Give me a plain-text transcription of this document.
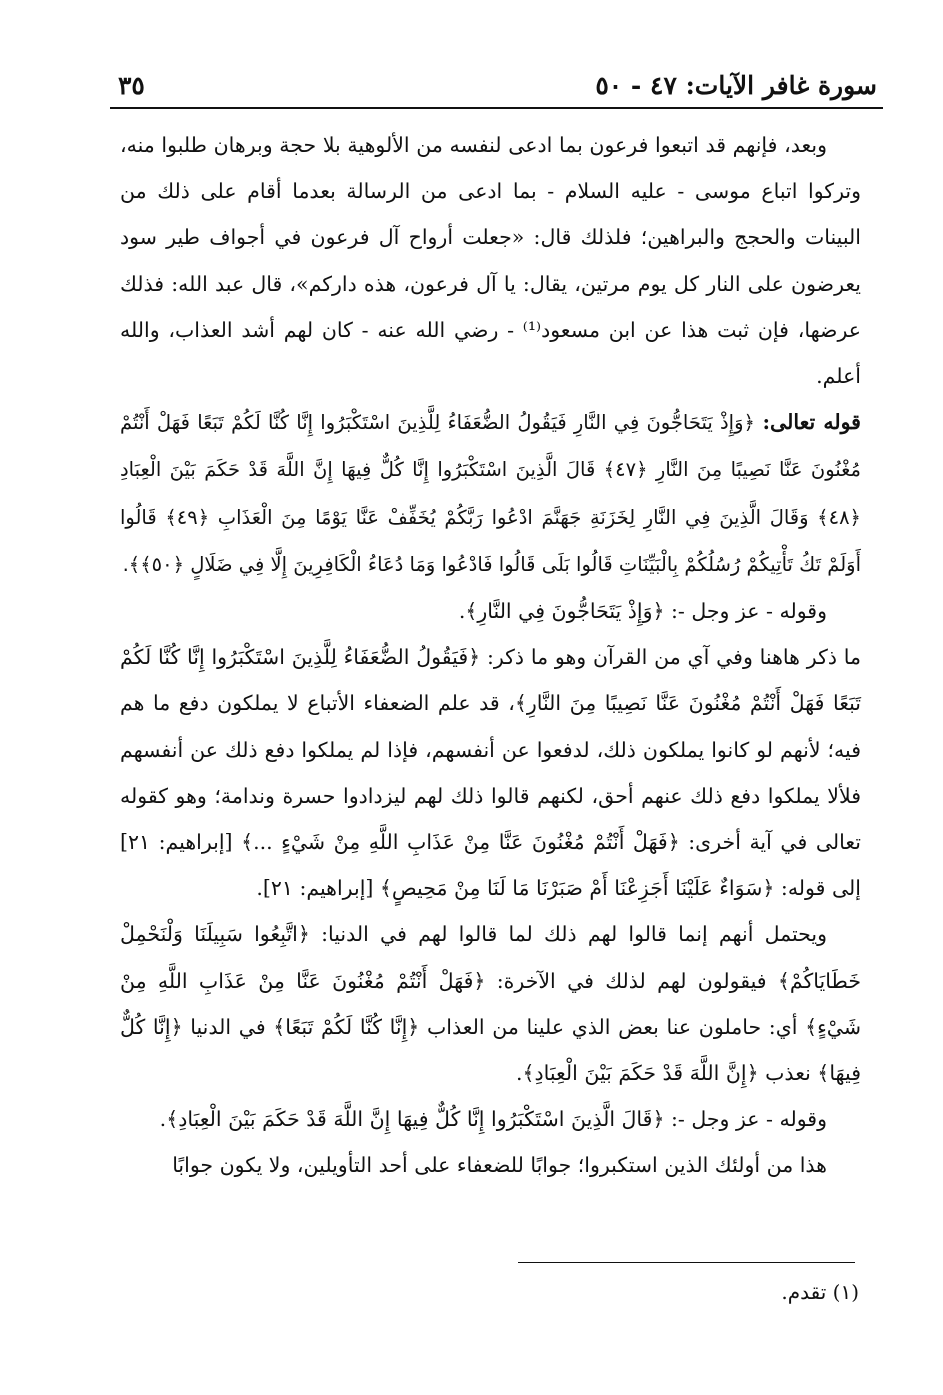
سورة غافر الآيات: ٤٧ - ٥٠
٣٥

وبعد، فإنهم قد اتبعوا فرعون بما ادعى لنفسه من الألوهية بلا حجة وبرهان طلبوا منه، وتركوا اتباع موسى - عليه السلام - بما ادعى من الرسالة بعدما أقام على ذلك من البينات والحجج والبراهين؛ فلذلك قال: «جعلت أرواح آل فرعون في أجواف طير سود يعرضون على النار كل يوم مرتين، يقال: يا آل فرعون، هذه داركم»، قال عبد الله: فذلك عرضها، فإن ثبت هذا عن ابن مسعود⁽¹⁾ - رضي الله عنه - كان لهم أشد العذاب، والله أعلم.

قوله تعالى: ﴿وَإِذْ يَتَحَاجُّونَ فِي النَّارِ فَيَقُولُ الضُّعَفَاءُ لِلَّذِينَ اسْتَكْبَرُوا إِنَّا كُنَّا لَكُمْ تَبَعًا فَهَلْ أَنْتُمْ مُغْنُونَ عَنَّا نَصِيبًا مِنَ النَّارِ ﴿٤٧﴾ قَالَ الَّذِينَ اسْتَكْبَرُوا إِنَّا كُلٌّ فِيهَا إِنَّ اللَّهَ قَدْ حَكَمَ بَيْنَ الْعِبَادِ ﴿٤٨﴾ وَقَالَ الَّذِينَ فِي النَّارِ لِخَزَنَةِ جَهَنَّمَ ادْعُوا رَبَّكُمْ يُخَفِّفْ عَنَّا يَوْمًا مِنَ الْعَذَابِ ﴿٤٩﴾ قَالُوا أَوَلَمْ تَكُ تَأْتِيكُمْ رُسُلُكُمْ بِالْبَيِّنَاتِ قَالُوا بَلَى قَالُوا فَادْعُوا وَمَا دُعَاءُ الْكَافِرِينَ إِلَّا فِي ضَلَالٍ ﴿٥٠﴾﴾.

وقوله - عز وجل -: ﴿وَإِذْ يَتَحَاجُّونَ فِي النَّارِ﴾.

ما ذكر هاهنا وفي آي من القرآن وهو ما ذكر: ﴿فَيَقُولُ الضُّعَفَاءُ لِلَّذِينَ اسْتَكْبَرُوا إِنَّا كُنَّا لَكُمْ تَبَعًا فَهَلْ أَنْتُمْ مُغْنُونَ عَنَّا نَصِيبًا مِنَ النَّارِ﴾، قد علم الضعفاء الأتباع لا يملكون دفع ما هم فيه؛ لأنهم لو كانوا يملكون ذلك، لدفعوا عن أنفسهم، فإذا لم يملكوا دفع ذلك عن أنفسهم فلألا يملكوا دفع ذلك عنهم أحق، لكنهم قالوا ذلك لهم ليزدادوا حسرة وندامة؛ وهو كقوله تعالى في آية أخرى: ﴿فَهَلْ أَنْتُمْ مُغْنُونَ عَنَّا مِنْ عَذَابِ اللَّهِ مِنْ شَيْءٍ ...﴾ [إبراهيم: ٢١] إلى قوله: ﴿سَوَاءٌ عَلَيْنَا أَجَزِعْنَا أَمْ صَبَرْنَا مَا لَنَا مِنْ مَحِيصٍ﴾ [إبراهيم: ٢١].

ويحتمل أنهم إنما قالوا لهم ذلك لما قالوا لهم في الدنيا: ﴿اتَّبِعُوا سَبِيلَنَا وَلْنَحْمِلْ خَطَايَاكُمْ﴾ فيقولون لهم لذلك في الآخرة: ﴿فَهَلْ أَنْتُمْ مُغْنُونَ عَنَّا مِنْ عَذَابِ اللَّهِ مِنْ شَيْءٍ﴾ أي: حاملون عنا بعض الذي علينا من العذاب ﴿إِنَّا كُنَّا لَكُمْ تَبَعًا﴾ في الدنيا ﴿إِنَّا كُلٌّ فِيهَا﴾ نعذب ﴿إِنَّ اللَّهَ قَدْ حَكَمَ بَيْنَ الْعِبَادِ﴾.

وقوله - عز وجل -: ﴿قَالَ الَّذِينَ اسْتَكْبَرُوا إِنَّا كُلٌّ فِيهَا إِنَّ اللَّهَ قَدْ حَكَمَ بَيْنَ الْعِبَادِ﴾.

هذا من أولئك الذين استكبروا؛ جوابًا للضعفاء على أحد التأويلين، ولا يكون جوابًا

(١) تقدم.
